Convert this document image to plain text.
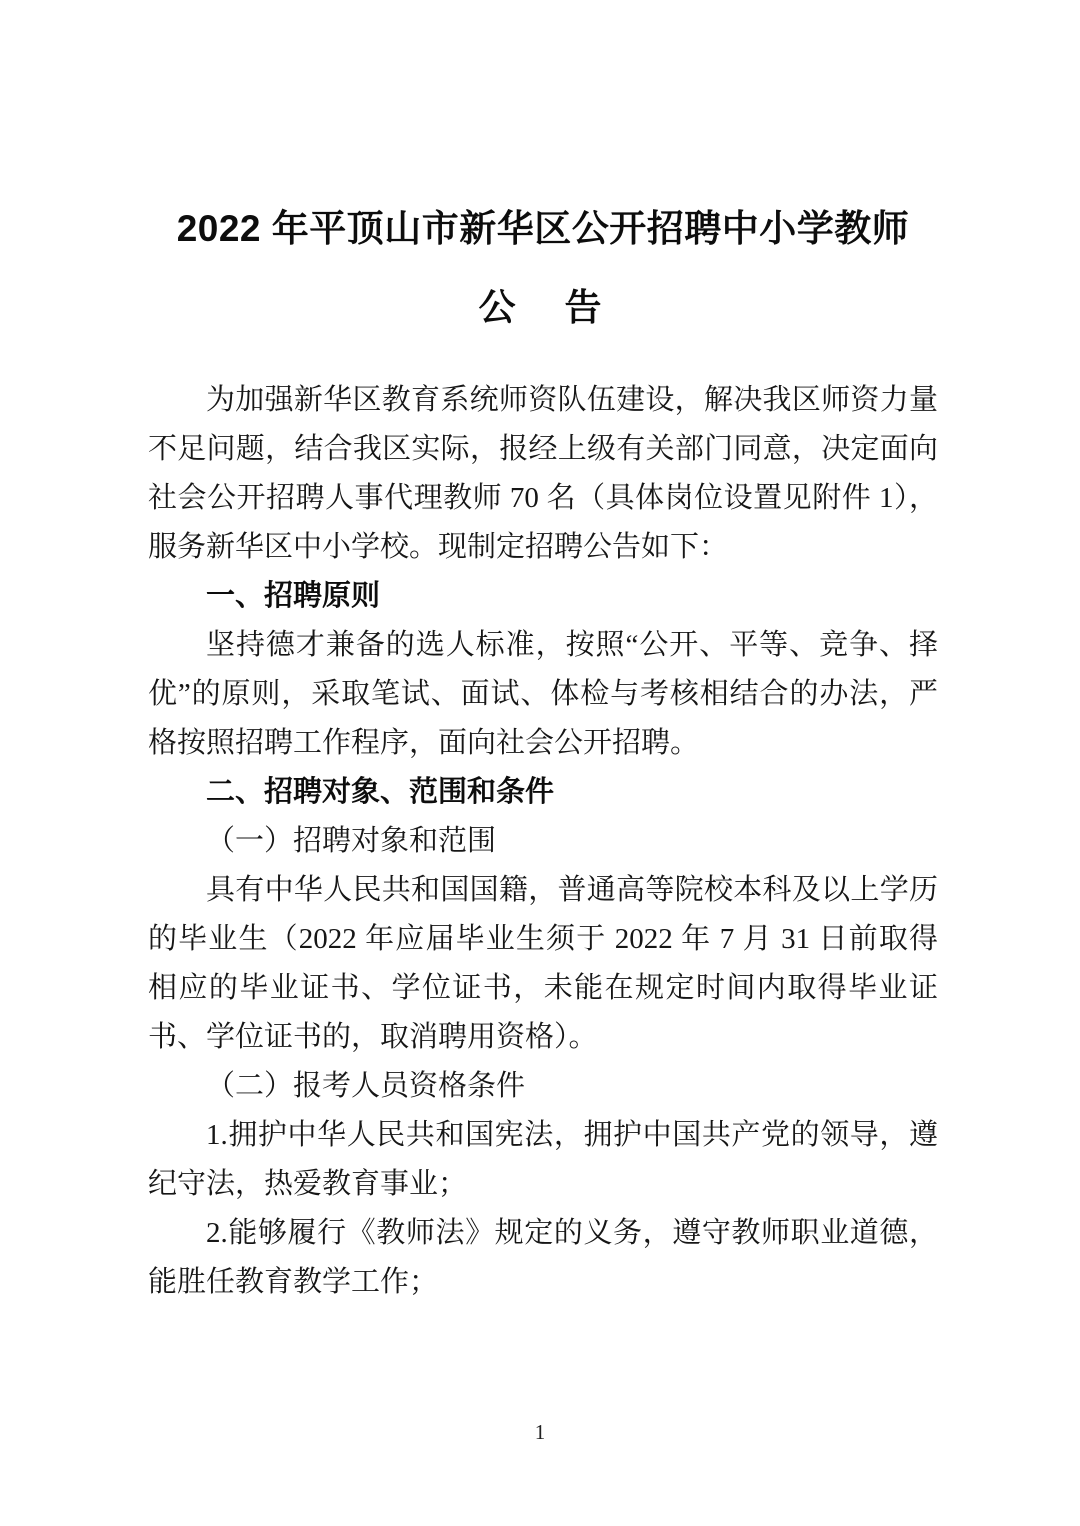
2022 年平顶山市新华区公开招聘中小学教师
公　告

为加强新华区教育系统师资队伍建设，解决我区师资力量不足问题，结合我区实际，报经上级有关部门同意，决定面向社会公开招聘人事代理教师 70 名（具体岗位设置见附件 1），服务新华区中小学校。现制定招聘公告如下：

一、招聘原则

坚持德才兼备的选人标准，按照“公开、平等、竞争、择优”的原则，采取笔试、面试、体检与考核相结合的办法，严格按照招聘工作程序，面向社会公开招聘。

二、招聘对象、范围和条件

（一）招聘对象和范围

具有中华人民共和国国籍，普通高等院校本科及以上学历的毕业生（2022 年应届毕业生须于 2022 年 7 月 31 日前取得相应的毕业证书、学位证书，未能在规定时间内取得毕业证书、学位证书的，取消聘用资格）。

（二）报考人员资格条件

1.拥护中华人民共和国宪法，拥护中国共产党的领导，遵纪守法，热爱教育事业；

2.能够履行《教师法》规定的义务，遵守教师职业道德，能胜任教育教学工作；

1
